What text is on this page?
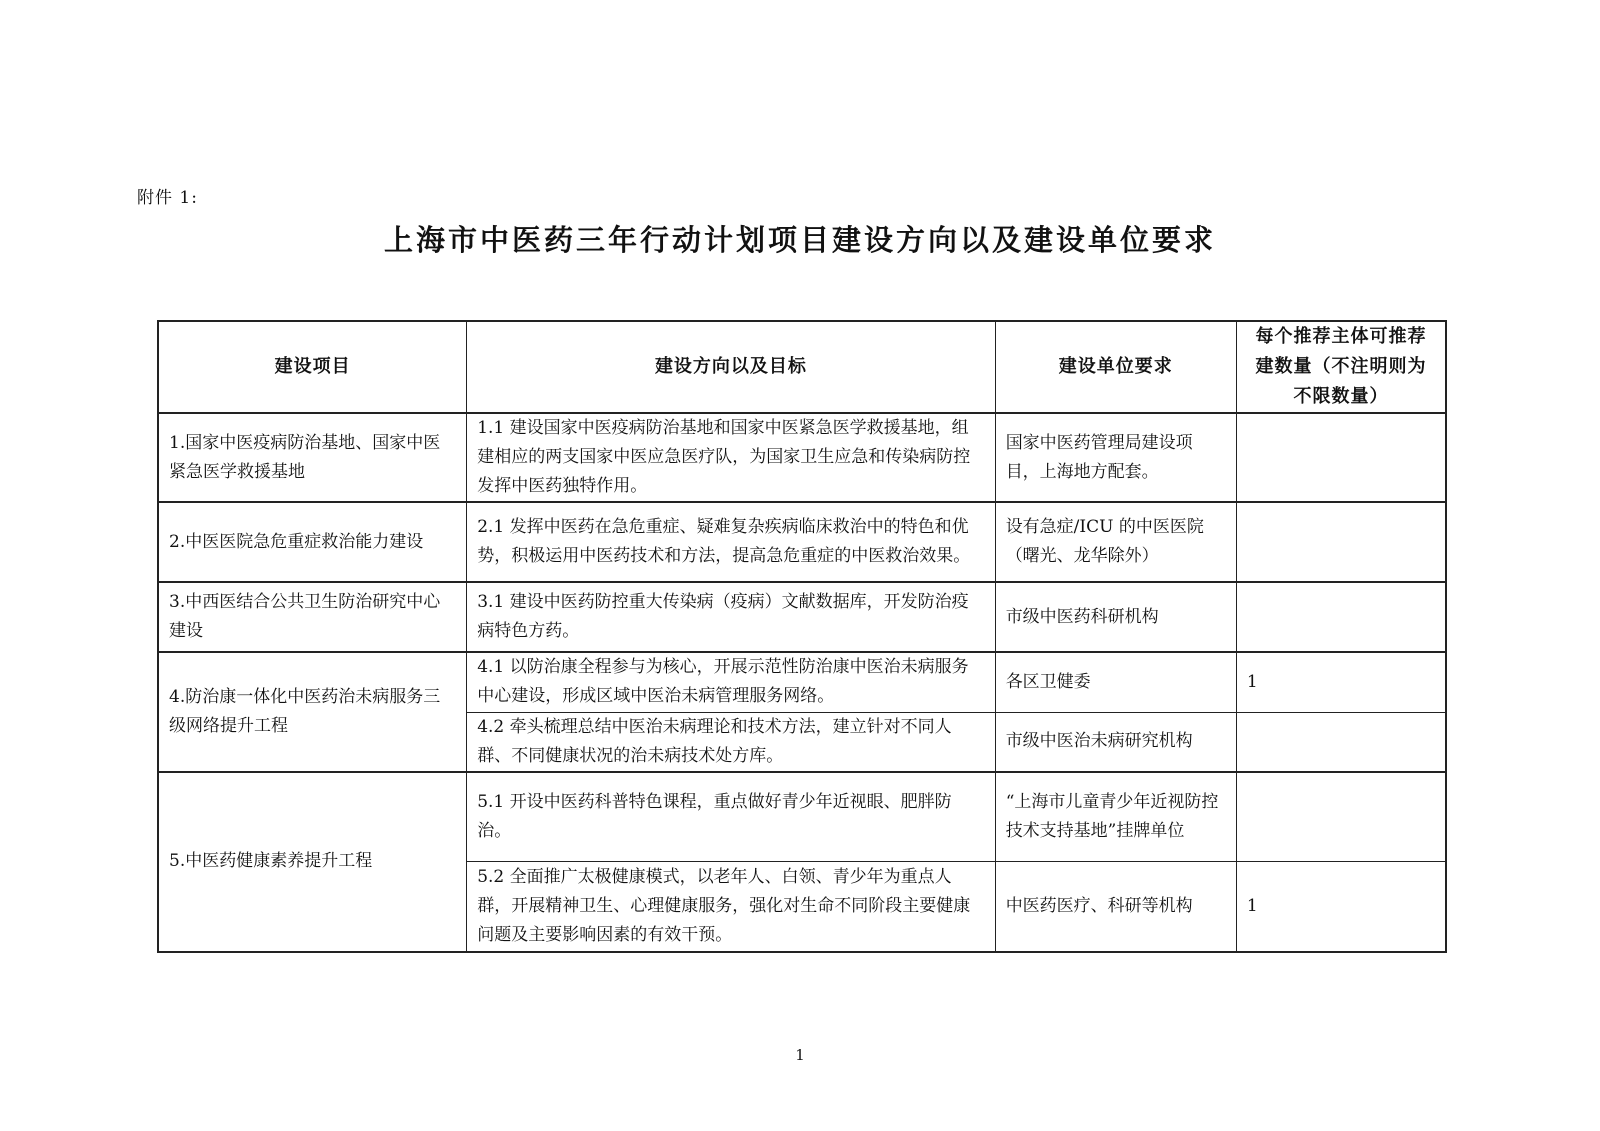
附件 1:
上海市中医药三年行动计划项目建设方向以及建设单位要求
建设项目	建设方向以及目标	建设单位要求	每个推荐主体可推荐建数量（不注明则为不限数量）
1.国家中医疫病防治基地、国家中医紧急医学救援基地	1.1 建设国家中医疫病防治基地和国家中医紧急医学救援基地，组建相应的两支国家中医应急医疗队，为国家卫生应急和传染病防控发挥中医药独特作用。	国家中医药管理局建设项目，上海地方配套。	
2.中医医院急危重症救治能力建设	2.1 发挥中医药在急危重症、疑难复杂疾病临床救治中的特色和优势，积极运用中医药技术和方法，提高急危重症的中医救治效果。	设有急症/ICU 的中医医院（曙光、龙华除外）	
3.中西医结合公共卫生防治研究中心建设	3.1 建设中医药防控重大传染病（疫病）文献数据库，开发防治疫病特色方药。	市级中医药科研机构	
4.防治康一体化中医药治未病服务三级网络提升工程	4.1 以防治康全程参与为核心，开展示范性防治康中医治未病服务中心建设，形成区域中医治未病管理服务网络。	各区卫健委	1
	4.2 牵头梳理总结中医治未病理论和技术方法，建立针对不同人群、不同健康状况的治未病技术处方库。	市级中医治未病研究机构	
5.中医药健康素养提升工程	5.1 开设中医药科普特色课程，重点做好青少年近视眼、肥胖防治。	“上海市儿童青少年近视防控技术支持基地”挂牌单位	
	5.2 全面推广太极健康模式，以老年人、白领、青少年为重点人群，开展精神卫生、心理健康服务，强化对生命不同阶段主要健康问题及主要影响因素的有效干预。	中医药医疗、科研等机构	1
1
